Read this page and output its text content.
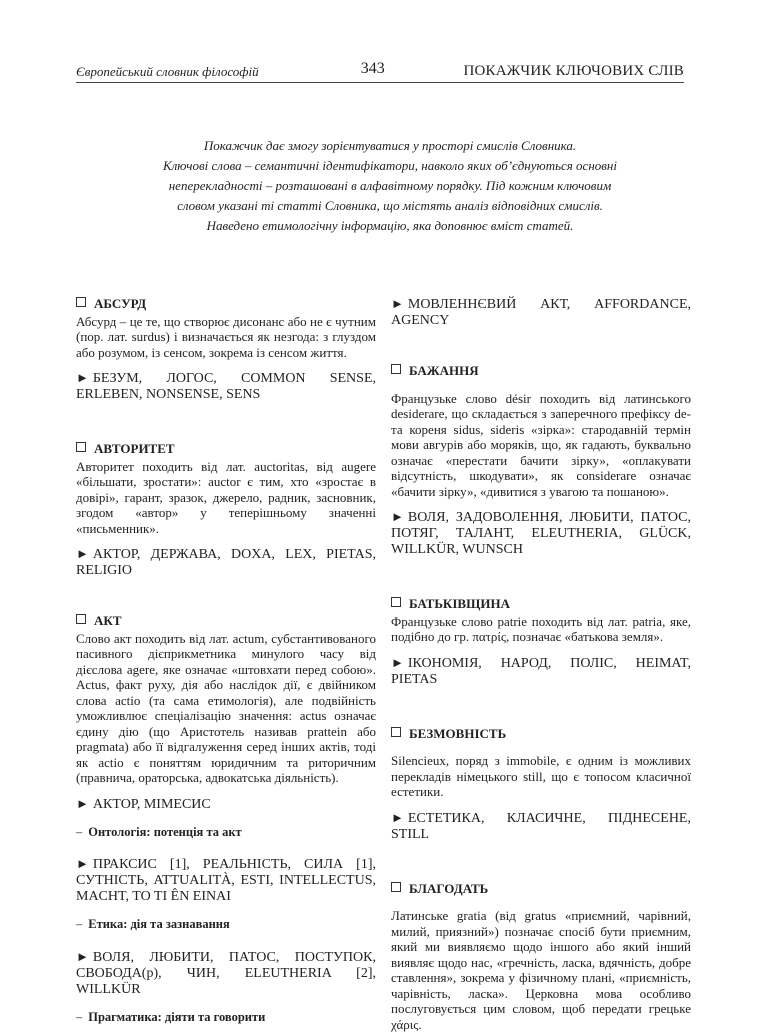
Європейський словник філософій	343	ПОКАЖЧИК КЛЮЧОВИХ СЛІВ

Покажчик дає змогу зорієнтуватися у просторі смислів Словника.

Ключові слова – семантичні ідентифікатори, навколо яких об’єднуються основні

неперекладності – розташовані в алфавітному порядку. Під кожним ключовим

словом указані ті статті Словника, що містять аналіз відповідних смислів.

Наведено етимологічну інформацію, яка доповнює вміст статей.

АБСУРД

Абсурд – це те, що створює дисонанс або не є чутним (пор. лат. surdus) і визначається як незгода: з глуздом або розумом, із сенсом, зокрема із сенсом життя.

► БЕЗУМ, ЛОГОС, COMMON SENSE, ERLEBEN, NONSENSE, SENS

АВТОРИТЕТ

Авторитет походить від лат. auctoritas, від augere «більшати, зростати»: auctor є тим, хто «зростає в довірі», гарант, зразок, джерело, радник, засновник, згодом «автор» у теперішньому значенні «письменник».

► АКТОР, ДЕРЖАВА, DOXA, LEX, PIETAS, RELIGIO

АКТ

Слово акт походить від лат. actum, субстантивованого пасивного дієприкметника минулого часу від дієслова agere, яке означає «штовхати перед собою». Actus, факт руху, дія або наслідок дії, є двійником слова actio (та сама етимологія), але подвійність уможливлює спеціалізацію значення: actus означає єдину дію (що Аристотель називав prattein або pragmata) або її відгалуження серед інших актів, тоді як actio є поняттям юридичним та риторичним (правнича, ораторська, адвокатська діяльність).

► АКТОР, МІМЕСИС

– Онтологія: потенція та акт

► ПРАКСИС [1], РЕАЛЬНІСТЬ, СИЛА [1], СУТНІСТЬ, ATTUALITÀ, ESTI, INTELLECTUS, MACHT, TO TI ÊN EINAI

– Етика: дія та зазнавання

► ВОЛЯ, ЛЮБИТИ, ПАТОС, ПОСТУПОК, СВОБОДА(р), ЧИН, ELEUTHERIA [2], WILLKÜR

– Прагматика: діяти та говорити

► МОВЛЕННЄВИЙ АКТ, AFFORDANCE, AGENCY

БАЖАННЯ

Французьке слово désir походить від латинського desiderare, що складається з заперечного префіксу de- та кореня sidus, sideris «зірка»: стародавній термін мови авгурів або моряків, що, як гадають, буквально означає «перестати бачити зірку», «оплакувати відсутність, шкодувати», як considerare означає «бачити зірку», «дивитися з увагою та пошаною».

► ВОЛЯ, ЗАДОВОЛЕННЯ, ЛЮБИТИ, ПАТОС, ПОТЯГ, ТАЛАНТ, ELEUTHERIA, GLÜCK, WILLKÜR, WUNSCH

БАТЬКІВЩИНА

Французьке слово patrie походить від лат. patria, яке, подібно до гр. πατρίς, позначає «батькова земля».

► ІКОНОМІЯ, НАРОД, ПОЛІС, HEIMAT, PIETAS

БЕЗМОВНІСТЬ

Silencieux, поряд з immobile, є одним із можливих перекладів німецького still, що є топосом класичної естетики.

► ЕСТЕТИКА, КЛАСИЧНЕ, ПІДНЕСЕНЕ, STILL

БЛАГОДАТЬ

Латинське gratia (від gratus «приємний, чарівний, милий, приязний») позначає спосіб бути приємним, який ми виявляємо щодо іншого або який інший виявляє щодо нас, «гречність, ласка, вдячність, добре ставлення», зокрема у фізичному плані, «приємність, чарівність, ласка». Церковна мова особливо послуговується цим словом, щоб передати грецьке χάρις.
